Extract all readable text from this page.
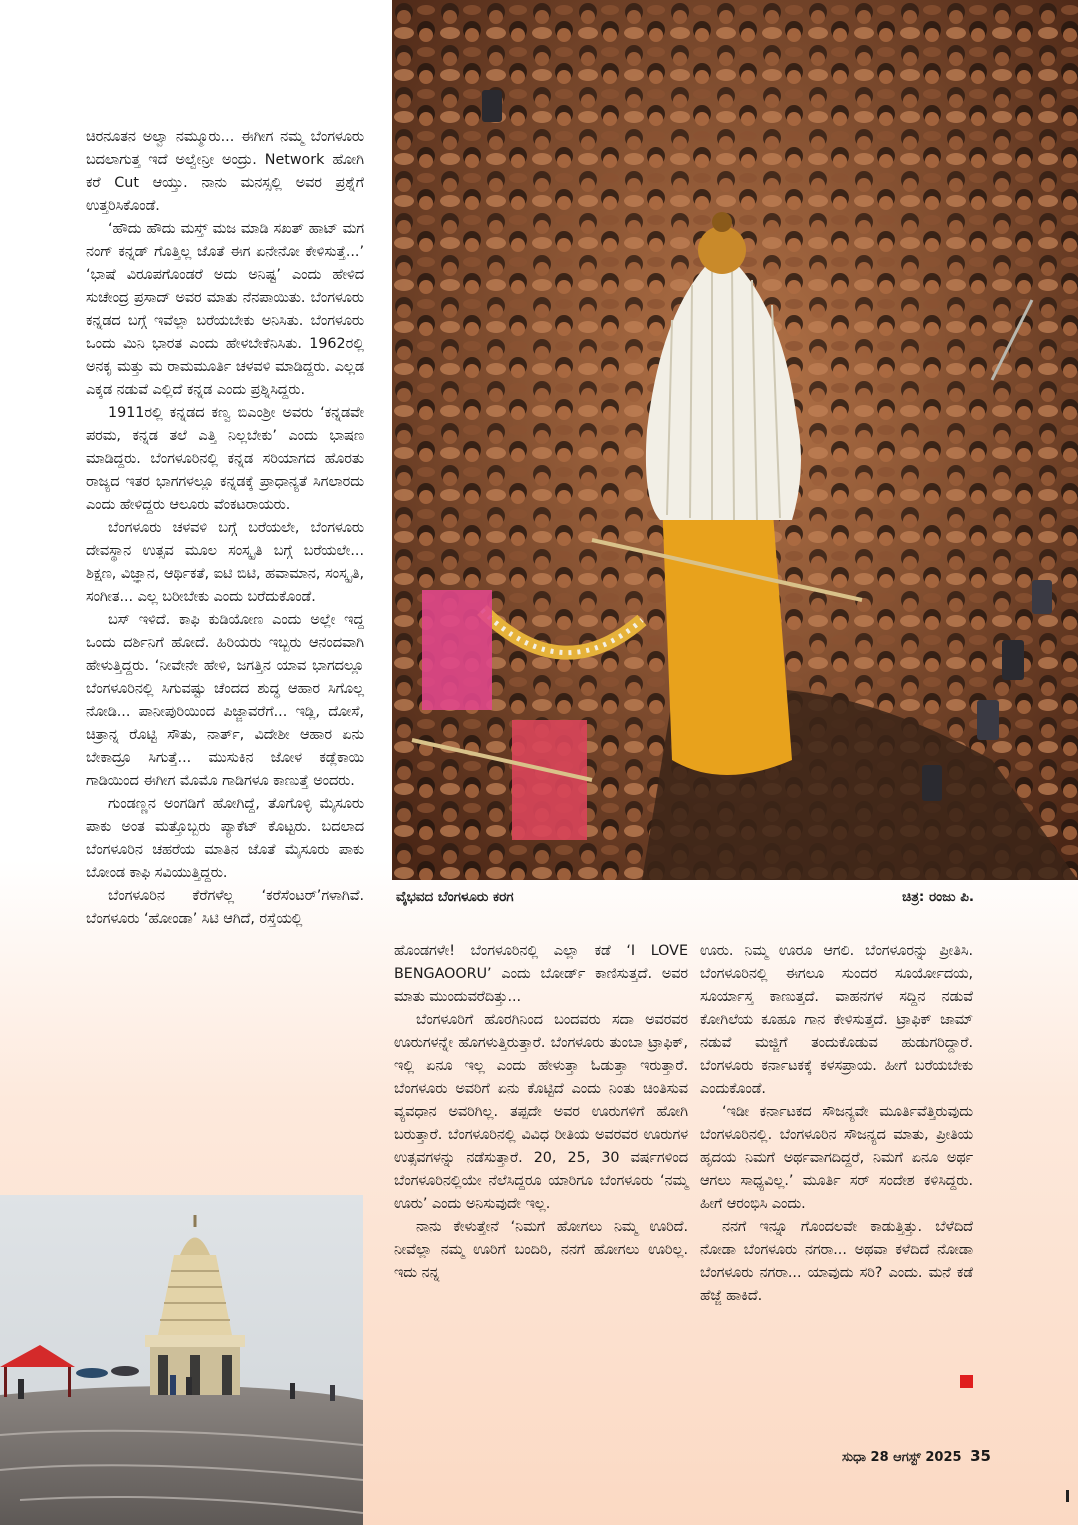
ವೈಭವದ ಬೆಂಗಳೂರು ಕರಗ	ಚಿತ್ರ: ರಂಜು ಪಿ.

ಚಿರನೂತನ ಅಲ್ವಾ ನಮ್ಮೂರು... ಈಗೀಗ ನಮ್ಮ ಬೆಂಗಳೂರು ಬದಲಾಗುತ್ತ ಇದೆ ಅಲ್ವೇನ್ರೀ ಅಂದ್ರು. Network ಹೋಗಿ ಕರೆ Cut ಆಯ್ತು. ನಾನು ಮನಸ್ಸಲ್ಲಿ ಅವರ ಪ್ರಶ್ನೆಗೆ ಉತ್ತರಿಸಿಕೊಂಡೆ.

‘ಹೌದು ಹೌದು ಮಸ್ತ್ ಮಜ ಮಾಡಿ ಸಖತ್ ಹಾಟ್ ಮಗ ನಂಗ್ ಕನ್ನಡ್ ಗೊತ್ತಿಲ್ಲ ಜೊತೆ ಈಗ ಏನೇನೋ ಕೇಳಿಸುತ್ತೆ...’ ‘ಭಾಷೆ ವಿರೂಪಗೊಂಡರೆ ಅದು ಅನಿಷ್ಟ’ ಎಂದು ಹೇಳಿದ ಸುಚೇಂದ್ರ ಪ್ರಸಾದ್ ಅವರ ಮಾತು ನೆನಪಾಯಿತು. ಬೆಂಗಳೂರು ಕನ್ನಡದ ಬಗ್ಗೆ ಇವೆಲ್ಲಾ ಬರೆಯಬೇಕು ಅನಿಸಿತು. ಬೆಂಗಳೂರು ಒಂದು ಮಿನಿ ಭಾರತ ಎಂದು ಹೇಳಬೇಕೆನಿಸಿತು. 1962ರಲ್ಲಿ ಅನಕೃ ಮತ್ತು ಮ ರಾಮಮೂರ್ತಿ ಚಳವಳಿ ಮಾಡಿದ್ದರು. ಎಲ್ಲಡ ಎಕ್ಕಡ ನಡುವೆ ಎಲ್ಲಿದೆ ಕನ್ನಡ ಎಂದು ಪ್ರಶ್ನಿಸಿದ್ದರು.

1911ರಲ್ಲಿ ಕನ್ನಡದ ಕಣ್ವ ಬಿಎಂಶ್ರೀ ಅವರು ‘ಕನ್ನಡವೇ ಪರಮ, ಕನ್ನಡ ತಲೆ ಎತ್ತಿ ನಿಲ್ಲಬೇಕು’ ಎಂದು ಭಾಷಣ ಮಾಡಿದ್ದರು. ಬೆಂಗಳೂರಿನಲ್ಲಿ ಕನ್ನಡ ಸರಿಯಾಗದ ಹೊರತು ರಾಜ್ಯದ ಇತರ ಭಾಗಗಳಲ್ಲೂ ಕನ್ನಡಕ್ಕೆ ಪ್ರಾಧಾನ್ಯತೆ ಸಿಗಲಾರದು ಎಂದು ಹೇಳಿದ್ದರು ಆಲೂರು ವೆಂಕಟರಾಯರು.

ಬೆಂಗಳೂರು ಚಳವಳಿ ಬಗ್ಗೆ ಬರೆಯಲೇ, ಬೆಂಗಳೂರು ದೇವಸ್ಥಾನ ಉತ್ಸವ ಮೂಲ ಸಂಸ್ಕೃತಿ ಬಗ್ಗೆ ಬರೆಯಲೇ... ಶಿಕ್ಷಣ, ವಿಜ್ಞಾನ, ಆರ್ಥಿಕತೆ, ಐಟಿ ಬಿಟಿ, ಹವಾಮಾನ, ಸಂಸ್ಕೃತಿ, ಸಂಗೀತ... ಎಲ್ಲ ಬರೀಬೇಕು ಎಂದು ಬರೆದುಕೊಂಡೆ.

ಬಸ್ ಇಳಿದೆ. ಕಾಫಿ ಕುಡಿಯೋಣ ಎಂದು ಅಲ್ಲೇ ಇದ್ದ ಒಂದು ದರ್ಶಿನಿಗೆ ಹೋದೆ. ಹಿರಿಯರು ಇಬ್ಬರು ಆನಂದವಾಗಿ ಹೇಳುತ್ತಿದ್ದರು. ‘ನೀವೇನೇ ಹೇಳಿ, ಜಗತ್ತಿನ ಯಾವ ಭಾಗದಲ್ಲೂ ಬೆಂಗಳೂರಿನಲ್ಲಿ ಸಿಗುವಷ್ಟು ಚೆಂದದ ಶುದ್ಧ ಆಹಾರ ಸಿಗೊಲ್ಲ ನೋಡಿ... ಪಾನೀಪುರಿಯಿಂದ ಪಿಜ್ಜಾವರೆಗೆ... ಇಡ್ಲಿ, ದೋಸೆ, ಚಿತ್ರಾನ್ನ ರೊಟ್ಟಿ ಸೌತು, ನಾರ್ತ್, ವಿದೇಶೀ ಆಹಾರ ಏನು ಬೇಕಾದ್ರೂ ಸಿಗುತ್ತೆ... ಮುಸುಕಿನ ಜೋಳ ಕಡ್ಲೆಕಾಯಿ ಗಾಡಿಯಿಂದ ಈಗೀಗ ಮೊಮೊ ಗಾಡಿಗಳೂ ಕಾಣುತ್ತೆ ಅಂದರು.

ಗುಂಡಣ್ಣನ ಅಂಗಡಿಗೆ ಹೋಗಿದ್ದೆ, ತೊಗೊಳ್ಳಿ ಮೈಸೂರು ಪಾಕು ಅಂತ ಮತ್ತೊಬ್ಬರು ಪ್ಯಾಕೆಟ್ ಕೊಟ್ಟರು. ಬದಲಾದ ಬೆಂಗಳೂರಿನ ಚಹರೆಯ ಮಾತಿನ ಜೊತೆ ಮೈಸೂರು ಪಾಕು ಬೋಂಡ ಕಾಫಿ ಸವಿಯುತ್ತಿದ್ದರು.

ಬೆಂಗಳೂರಿನ ಕೆರೆಗಳೆಲ್ಲ ‘ಕರೆಸೆಂಟರ್’ಗಳಾಗಿವೆ. ಬೆಂಗಳೂರು ‘ಹೋಂಡಾ’ ಸಿಟಿ ಆಗಿದೆ, ರಸ್ತೆಯಲ್ಲಿ

ಹೊಂಡಗಳೇ! ಬೆಂಗಳೂರಿನಲ್ಲಿ ಎಲ್ಲಾ ಕಡೆ ‘I LOVE BENGAOORU’ ಎಂದು ಬೋರ್ಡ್ ಕಾಣಿಸುತ್ತದೆ. ಅವರ ಮಾತು ಮುಂದುವರೆದಿತ್ತು...

ಬೆಂಗಳೂರಿಗೆ ಹೊರಗಿನಿಂದ ಬಂದವರು ಸದಾ ಅವರವರ ಊರುಗಳನ್ನೇ ಹೊಗಳುತ್ತಿರುತ್ತಾರೆ. ಬೆಂಗಳೂರು ತುಂಬಾ ಟ್ರಾಫಿಕ್, ಇಲ್ಲಿ ಏನೂ ಇಲ್ಲ ಎಂದು ಹೇಳುತ್ತಾ ಓಡುತ್ತಾ ಇರುತ್ತಾರೆ. ಬೆಂಗಳೂರು ಅವರಿಗೆ ಏನು ಕೊಟ್ಟಿದೆ ಎಂದು ನಿಂತು ಚಿಂತಿಸುವ ವ್ಯವಧಾನ ಅವರಿಗಿಲ್ಲ. ತಪ್ಪದೇ ಅವರ ಊರುಗಳಿಗೆ ಹೋಗಿ ಬರುತ್ತಾರೆ. ಬೆಂಗಳೂರಿನಲ್ಲಿ ವಿವಿಧ ರೀತಿಯ ಅವರವರ ಊರುಗಳ ಉತ್ಸವಗಳನ್ನು ನಡೆಸುತ್ತಾರೆ. 20, 25, 30 ವರ್ಷಗಳಿಂದ ಬೆಂಗಳೂರಿನಲ್ಲಿಯೇ ನೆಲೆಸಿದ್ದರೂ ಯಾರಿಗೂ ಬೆಂಗಳೂರು ‘ನಮ್ಮ ಊರು’ ಎಂದು ಅನಿಸುವುದೇ ಇಲ್ಲ.

ನಾನು ಕೇಳುತ್ತೇನೆ ‘ನಿಮಗೆ ಹೋಗಲು ನಿಮ್ಮ ಊರಿದೆ. ನೀವೆಲ್ಲಾ ನಮ್ಮ ಊರಿಗೆ ಬಂದಿರಿ, ನನಗೆ ಹೋಗಲು ಊರಿಲ್ಲ. ಇದು ನನ್ನ

ಊರು. ನಿಮ್ಮ ಊರೂ ಆಗಲಿ. ಬೆಂಗಳೂರನ್ನು ಪ್ರೀತಿಸಿ. ಬೆಂಗಳೂರಿನಲ್ಲಿ ಈಗಲೂ ಸುಂದರ ಸೂರ್ಯೋದಯ, ಸೂರ್ಯಾಸ್ತ ಕಾಣುತ್ತದೆ. ವಾಹನಗಳ ಸದ್ದಿನ ನಡುವೆ ಕೋಗಿಲೆಯ ಕೂಹೂ ಗಾನ ಕೇಳಿಸುತ್ತದೆ. ಟ್ರಾಫಿಕ್ ಜಾಮ್ ನಡುವೆ ಮಜ್ಜಿಗೆ ತಂದುಕೊಡುವ ಹುಡುಗರಿದ್ದಾರೆ. ಬೆಂಗಳೂರು ಕರ್ನಾಟಕಕ್ಕೆ ಕಳಸಪ್ರಾಯ. ಹೀಗೆ ಬರೆಯಬೇಕು ಎಂದುಕೊಂಡೆ.

‘ಇಡೀ ಕರ್ನಾಟಕದ ಸೌಜನ್ಯವೇ ಮೂರ್ತಿವೆತ್ತಿರುವುದು ಬೆಂಗಳೂರಿನಲ್ಲಿ. ಬೆಂಗಳೂರಿನ ಸೌಜನ್ಯದ ಮಾತು, ಪ್ರೀತಿಯ ಹೃದಯ ನಿಮಗೆ ಅರ್ಥವಾಗದಿದ್ದರೆ, ನಿಮಗೆ ಏನೂ ಅರ್ಥ ಆಗಲು ಸಾಧ್ಯವಿಲ್ಲ.’ ಮೂರ್ತಿ ಸರ್ ಸಂದೇಶ ಕಳಿಸಿದ್ದರು. ಹೀಗೆ ಆರಂಭಿಸಿ ಎಂದು.

ನನಗೆ ಇನ್ನೂ ಗೊಂದಲವೇ ಕಾಡುತ್ತಿತ್ತು. ಬೆಳೆದಿದೆ ನೋಡಾ ಬೆಂಗಳೂರು ನಗರಾ... ಅಥವಾ ಕಳೆದಿದೆ ನೋಡಾ ಬೆಂಗಳೂರು ನಗರಾ... ಯಾವುದು ಸರಿ? ಎಂದು. ಮನೆ ಕಡೆ ಹೆಜ್ಜೆ ಹಾಕಿದೆ.

ಸುಧಾ 28 ಆಗಸ್ಟ್ 2025 35
